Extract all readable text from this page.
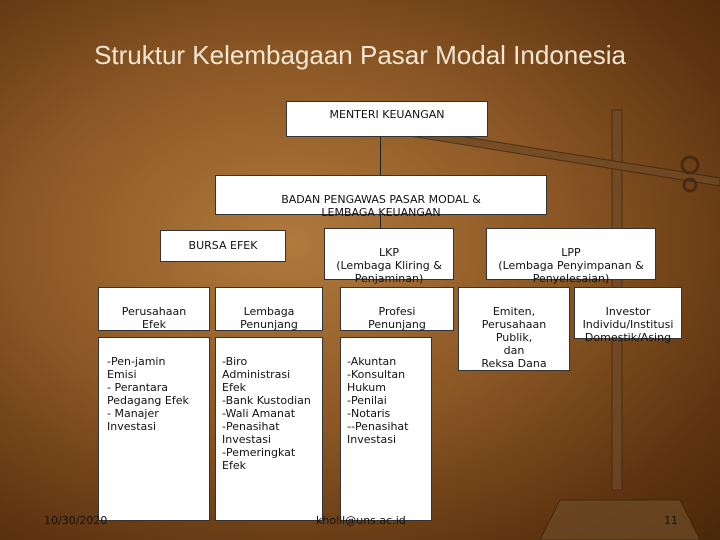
Struktur Kelembagaan Pasar Modal Indonesia
MENTERI KEUANGAN

BADAN PENGAWAS PASAR MODAL &
LEMBAGA KEUANGAN

BURSA EFEK

LKP
(Lembaga Kliring &
Penjaminan)

LPP
(Lembaga Penyimpanan &
Penyelesaian)

Perusahaan
Efek

Lembaga
Penunjang

Profesi
Penunjang

Emiten,
Perusahaan
Publik,
dan
Reksa Dana

Investor
Individu/Institusi
Domestik/Asing

-Pen-jamin
Emisi
- Perantara
Pedagang Efek
- Manajer
Investasi

-Biro
Administrasi
Efek
-Bank Kustodian
-Wali Amanat
-Penasihat
Investasi
-Pemeringkat
Efek

-Akuntan
-Konsultan
Hukum
-Penilai
-Notaris
--Penasihat
Investasi

10/30/2020	kholil@uns.ac.id	11
